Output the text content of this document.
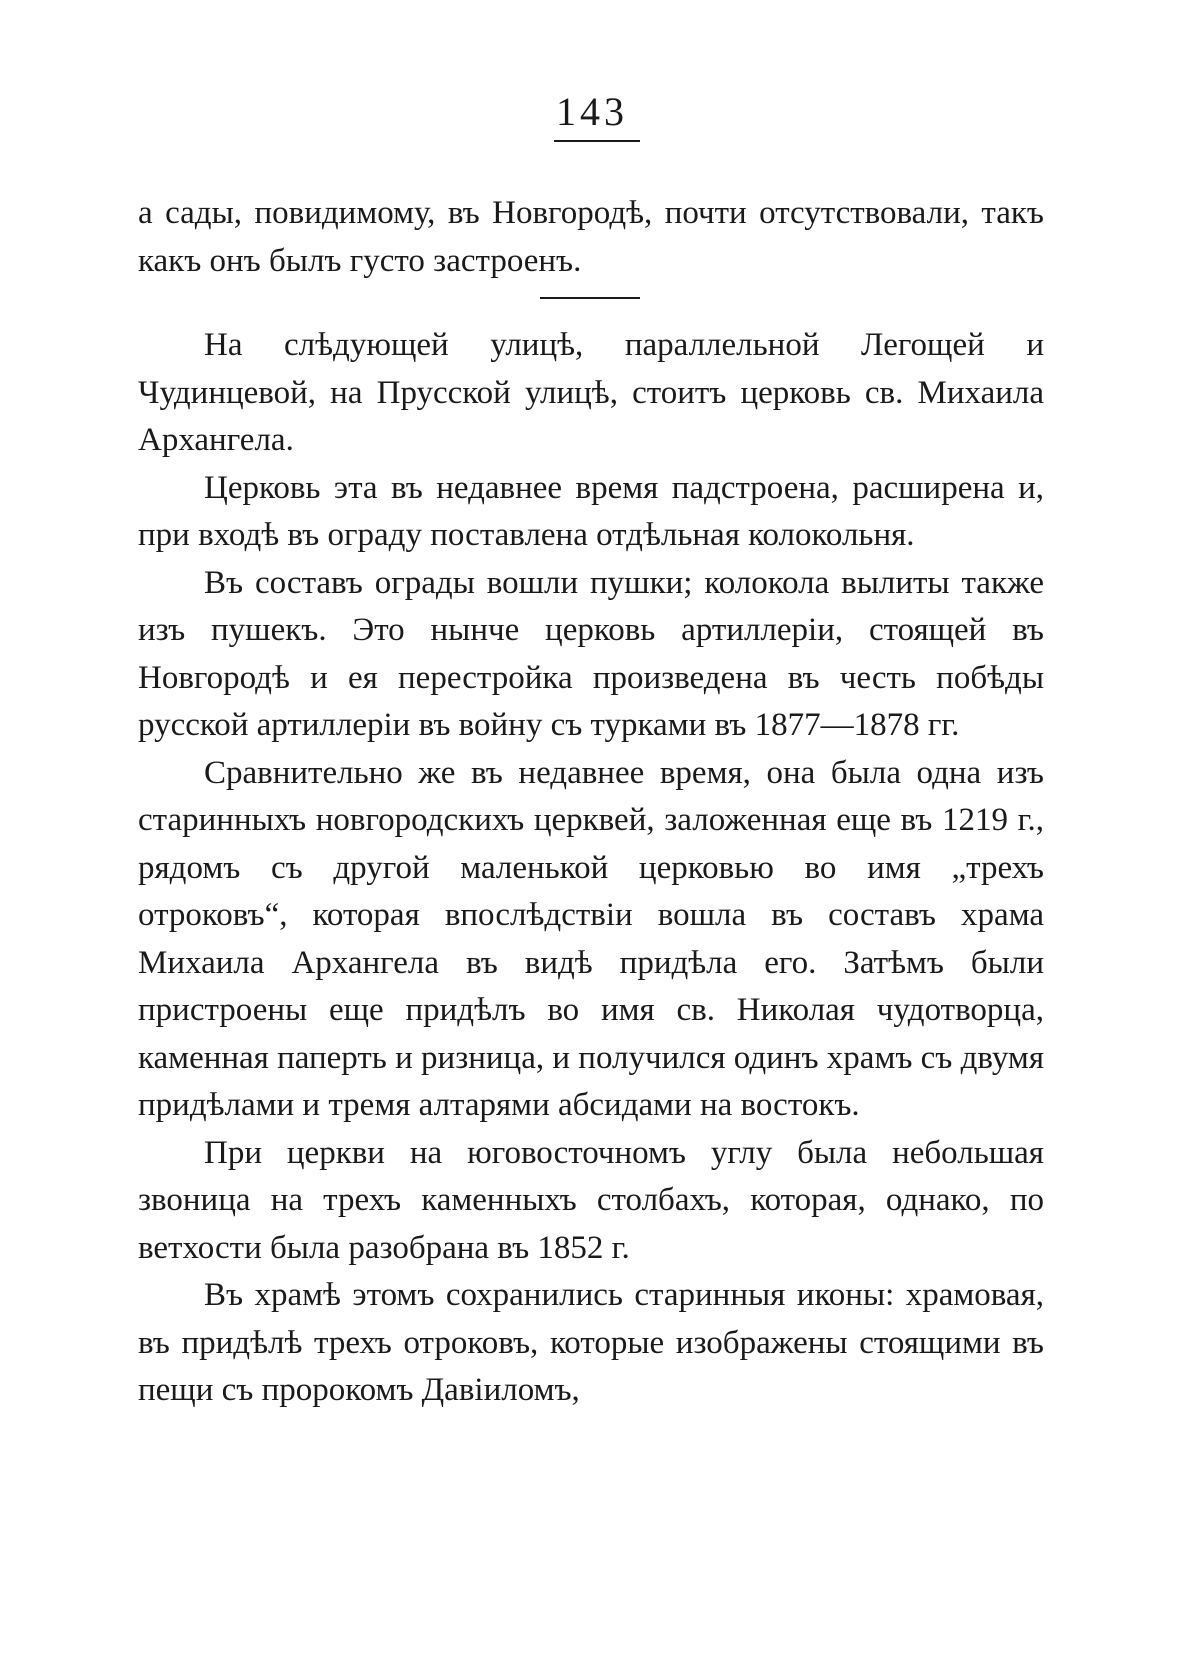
143

а сады, повидимому, въ Новгородѣ, почти отсутствовали, такъ какъ онъ былъ густо застроенъ.

На слѣдующей улицѣ, параллельной Легощей и Чудинцевой, на Прусской улицѣ, стоитъ церковь св. Михаила Архангела.

Церковь эта въ недавнее время падстроена, расширена и, при входѣ въ ограду поставлена отдѣльная колокольня.

Въ составъ ограды вошли пушки; колокола вылиты также изъ пушекъ. Это нынче церковь артиллерiи, стоящей въ Новгородѣ и ея перестройка произведена въ честь побѣды русской артиллерiи въ войну съ турками въ 1877—1878 гг.

Сравнительно же въ недавнее время, она была одна изъ старинныхъ новгородскихъ церквей, заложенная еще въ 1219 г., рядомъ съ другой маленькой церковью во имя „трехъ отроковъ“, которая впослѣдствiи вошла въ составъ храма Михаила Архангела въ видѣ придѣла его. Затѣмъ были пристроены еще придѣлъ во имя св. Николая чудотворца, каменная паперть и ризница, и получился одинъ храмъ съ двумя придѣлами и тремя алтарями абсидами на востокъ.

При церкви на юговосточномъ углу была небольшая звоница на трехъ каменныхъ столбахъ, которая, однако, по ветхости была разобрана въ 1852 г.

Въ храмѣ этомъ сохранились старинныя иконы: храмовая, въ придѣлѣ трехъ отроковъ, которые изображены стоящими въ пещи съ пророкомъ Давiиломъ,
